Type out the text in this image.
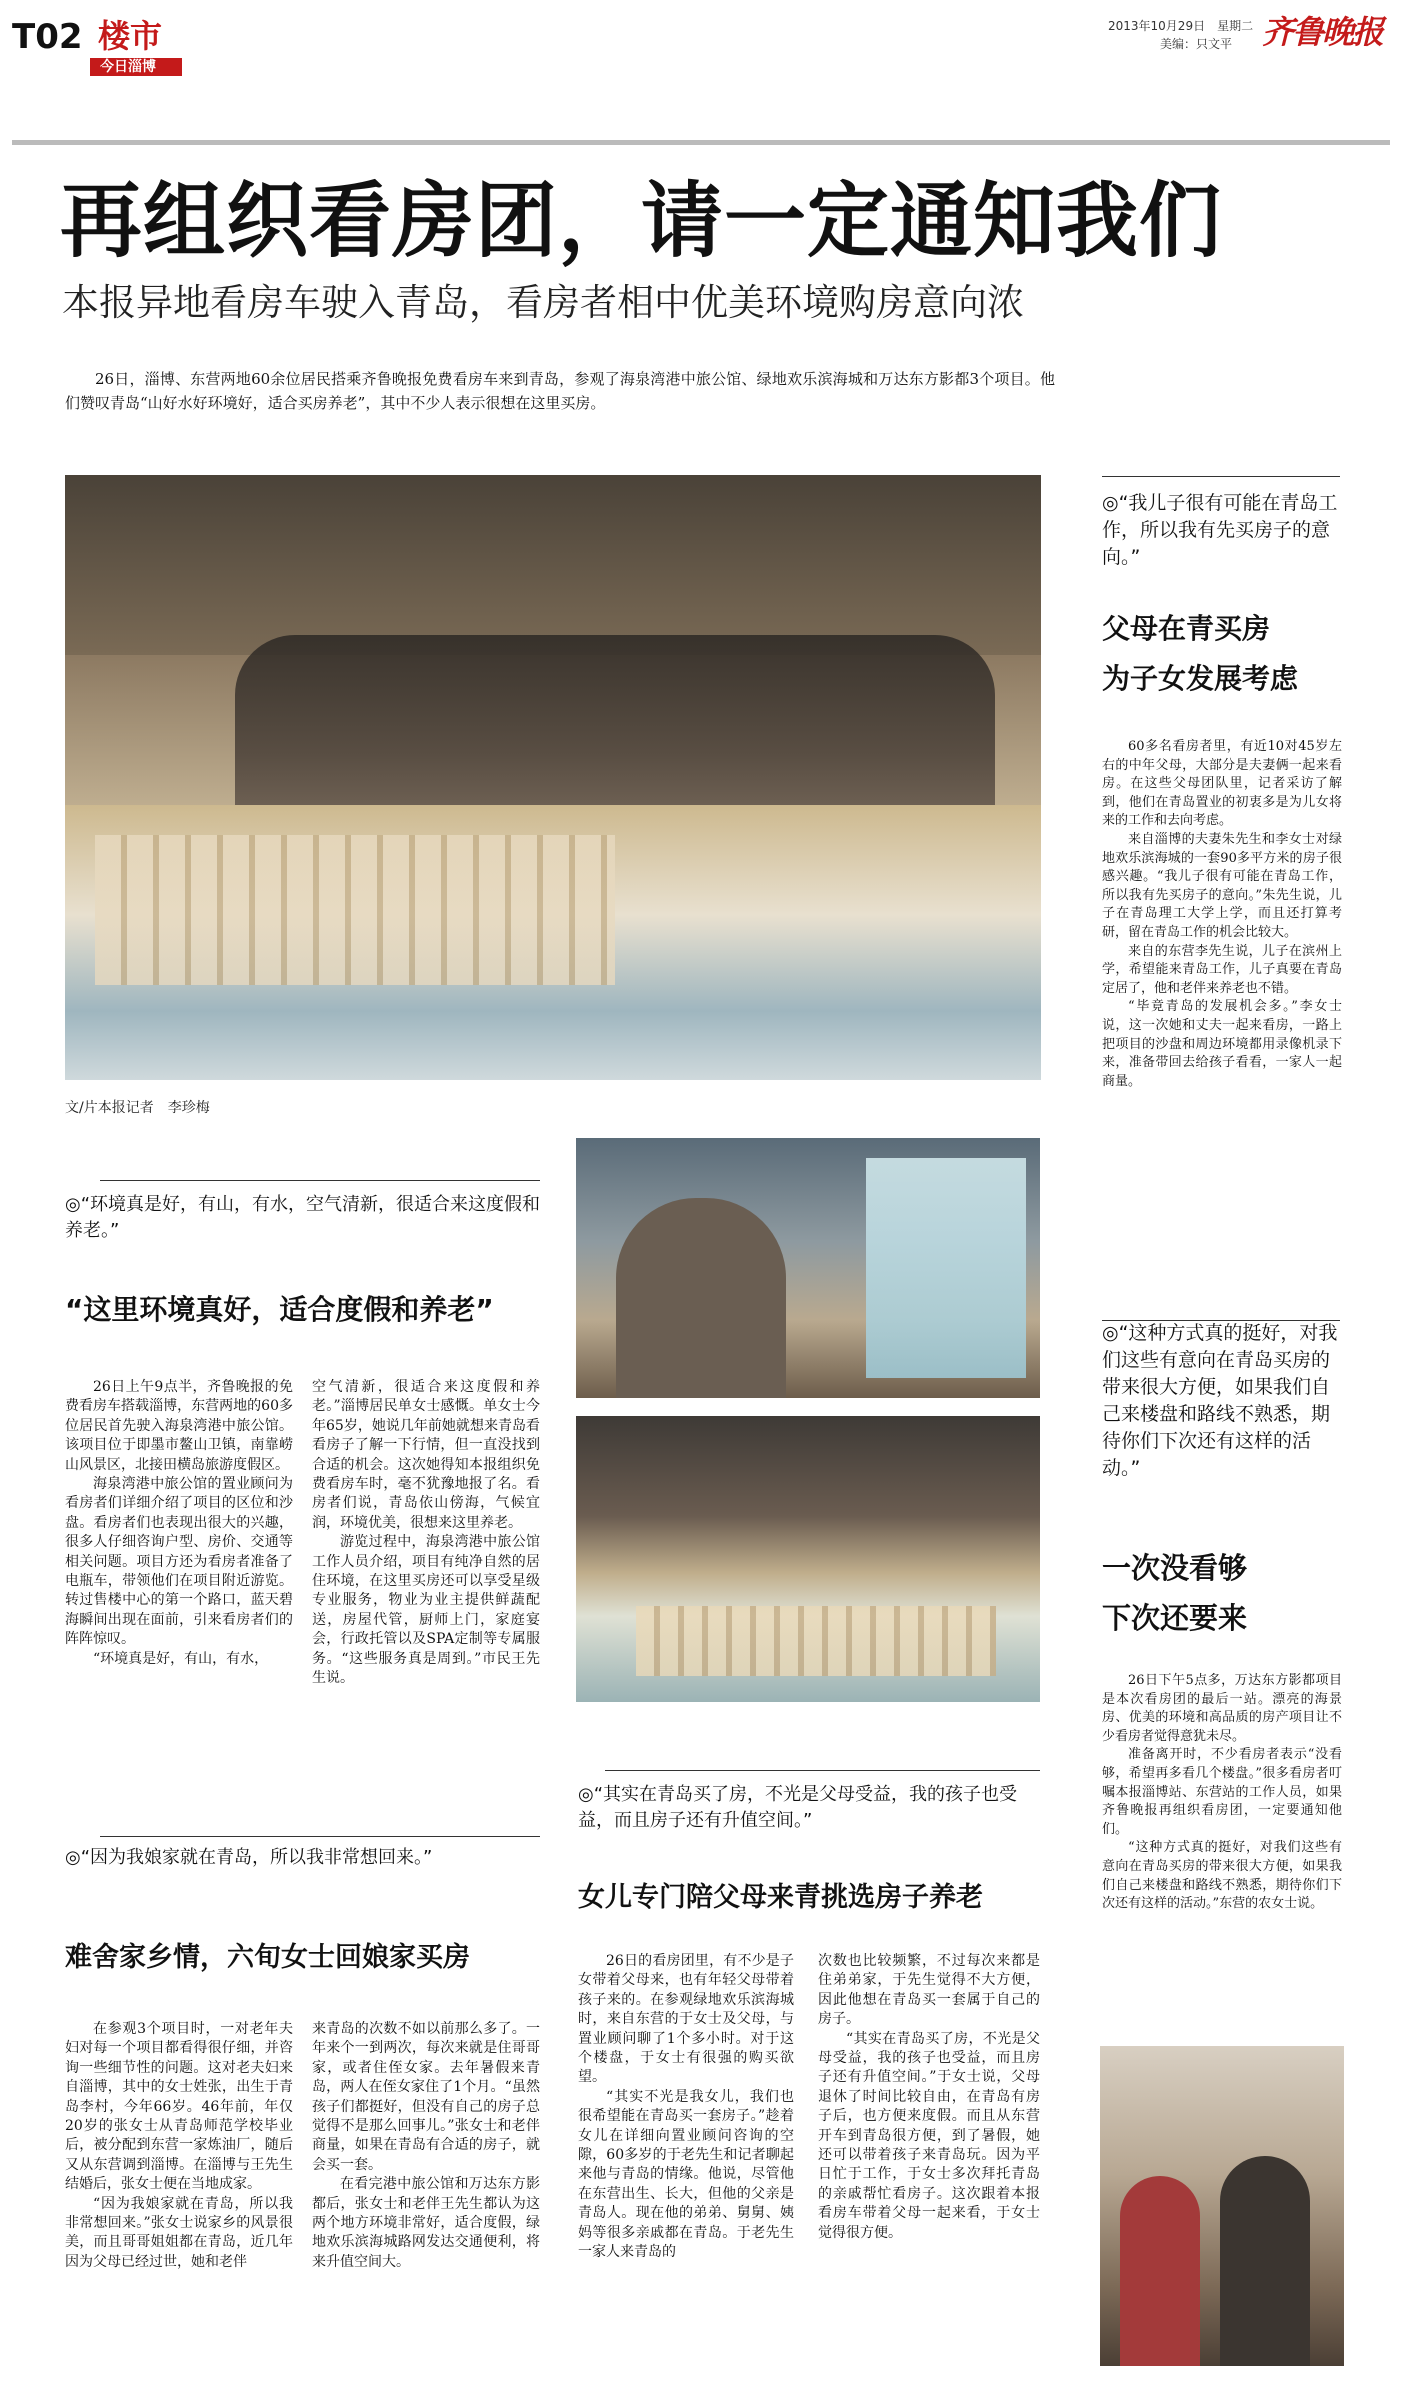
T02 楼市
今日淄博
2013年10月29日　星期二
美编：只文平 齐鲁晚报
再组织看房团，请一定通知我们
本报异地看房车驶入青岛，看房者相中优美环境购房意向浓

26日，淄博、东营两地60余位居民搭乘齐鲁晚报免费看房车来到青岛，参观了海泉湾港中旅公馆、绿地欢乐滨海城和万达东方影都3个项目。他们赞叹青岛“山好水好环境好，适合买房养老”，其中不少人表示很想在这里买房。

文/片本报记者　李珍梅
◎“环境真是好，有山，有水，空气清新，很适合来这度假和养老。”
“这里环境真好，适合度假和养老”

26日上午9点半，齐鲁晚报的免费看房车搭载淄博，东营两地的60多位居民首先驶入海泉湾港中旅公馆。该项目位于即墨市鳌山卫镇，南靠崂山风景区，北接田横岛旅游度假区。

海泉湾港中旅公馆的置业顾问为看房者们详细介绍了项目的区位和沙盘。看房者们也表现出很大的兴趣，很多人仔细咨询户型、房价、交通等相关问题。项目方还为看房者准备了电瓶车，带领他们在项目附近游览。转过售楼中心的第一个路口，蓝天碧海瞬间出现在面前，引来看房者们的阵阵惊叹。

“环境真是好，有山，有水，

空气清新，很适合来这度假和养老。”淄博居民单女士感慨。单女士今年65岁，她说几年前她就想来青岛看看房子了解一下行情，但一直没找到合适的机会。这次她得知本报组织免费看房车时，毫不犹豫地报了名。看房者们说，青岛依山傍海，气候宜润，环境优美，很想来这里养老。

游览过程中，海泉湾港中旅公馆工作人员介绍，项目有纯净自然的居住环境，在这里买房还可以享受星级专业服务，物业为业主提供鲜蔬配送，房屋代管，厨师上门，家庭宴会，行政托管以及SPA定制等专属服务。“这些服务真是周到。”市民王先生说。

◎“因为我娘家就在青岛，所以我非常想回来。”
难舍家乡情，六旬女士回娘家买房

在参观3个项目时，一对老年夫妇对每一个项目都看得很仔细，并咨询一些细节性的问题。这对老夫妇来自淄博，其中的女士姓张，出生于青岛李村，今年66岁。46年前，年仅20岁的张女士从青岛师范学校毕业后，被分配到东营一家炼油厂，随后又从东营调到淄博。在淄博与王先生结婚后，张女士便在当地成家。

“因为我娘家就在青岛，所以我非常想回来。”张女士说家乡的风景很美，而且哥哥姐姐都在青岛，近几年因为父母已经过世，她和老伴

来青岛的次数不如以前那么多了。一年来个一到两次，每次来就是住哥哥家，或者住侄女家。去年暑假来青岛，两人在侄女家住了1个月。“虽然孩子们都挺好，但没有自己的房子总觉得不是那么回事儿。”张女士和老伴商量，如果在青岛有合适的房子，就会买一套。

在看完港中旅公馆和万达东方影都后，张女士和老伴王先生都认为这两个地方环境非常好，适合度假，绿地欢乐滨海城路网发达交通便利，将来升值空间大。

◎“其实在青岛买了房，不光是父母受益，我的孩子也受益，而且房子还有升值空间。”
女儿专门陪父母来青挑选房子养老

26日的看房团里，有不少是子女带着父母来，也有年轻父母带着孩子来的。在参观绿地欢乐滨海城时，来自东营的于女士及父母，与置业顾问聊了1个多小时。对于这个楼盘，于女士有很强的购买欲望。

“其实不光是我女儿，我们也很希望能在青岛买一套房子。”趁着女儿在详细向置业顾问咨询的空隙，60多岁的于老先生和记者聊起来他与青岛的情缘。他说，尽管他在东营出生、长大，但他的父亲是青岛人。现在他的弟弟、舅舅、姨妈等很多亲戚都在青岛。于老先生一家人来青岛的

次数也比较频繁，不过每次来都是住弟弟家，于先生觉得不大方便，因此他想在青岛买一套属于自己的房子。

“其实在青岛买了房，不光是父母受益，我的孩子也受益，而且房子还有升值空间。”于女士说，父母退休了时间比较自由，在青岛有房子后，也方便来度假。而且从东营开车到青岛很方便，到了暑假，她还可以带着孩子来青岛玩。因为平日忙于工作，于女士多次拜托青岛的亲戚帮忙看房子。这次跟着本报看房车带着父母一起来看，于女士觉得很方便。

◎“我儿子很有可能在青岛工作，所以我有先买房子的意向。”
父母在青买房
为子女发展考虑

60多名看房者里，有近10对45岁左右的中年父母，大部分是夫妻俩一起来看房。在这些父母团队里，记者采访了解到，他们在青岛置业的初衷多是为儿女将来的工作和去向考虑。

来自淄博的夫妻朱先生和李女士对绿地欢乐滨海城的一套90多平方米的房子很感兴趣。“我儿子很有可能在青岛工作，所以我有先买房子的意向。”朱先生说，儿子在青岛理工大学上学，而且还打算考研，留在青岛工作的机会比较大。

来自的东营李先生说，儿子在滨州上学，希望能来青岛工作，儿子真要在青岛定居了，他和老伴来养老也不错。

“毕竟青岛的发展机会多。”李女士说，这一次她和丈夫一起来看房，一路上把项目的沙盘和周边环境都用录像机录下来，准备带回去给孩子看看，一家人一起商量。

◎“这种方式真的挺好，对我们这些有意向在青岛买房的带来很大方便，如果我们自己来楼盘和路线不熟悉，期待你们下次还有这样的活动。”
一次没看够
下次还要来

26日下午5点多，万达东方影都项目是本次看房团的最后一站。漂亮的海景房、优美的环境和高品质的房产项目让不少看房者觉得意犹未尽。

准备离开时，不少看房者表示“没看够，希望再多看几个楼盘。”很多看房者叮嘱本报淄博站、东营站的工作人员，如果齐鲁晚报再组织看房团，一定要通知他们。

“这种方式真的挺好，对我们这些有意向在青岛买房的带来很大方便，如果我们自己来楼盘和路线不熟悉，期待你们下次还有这样的活动。”东营的农女士说。
